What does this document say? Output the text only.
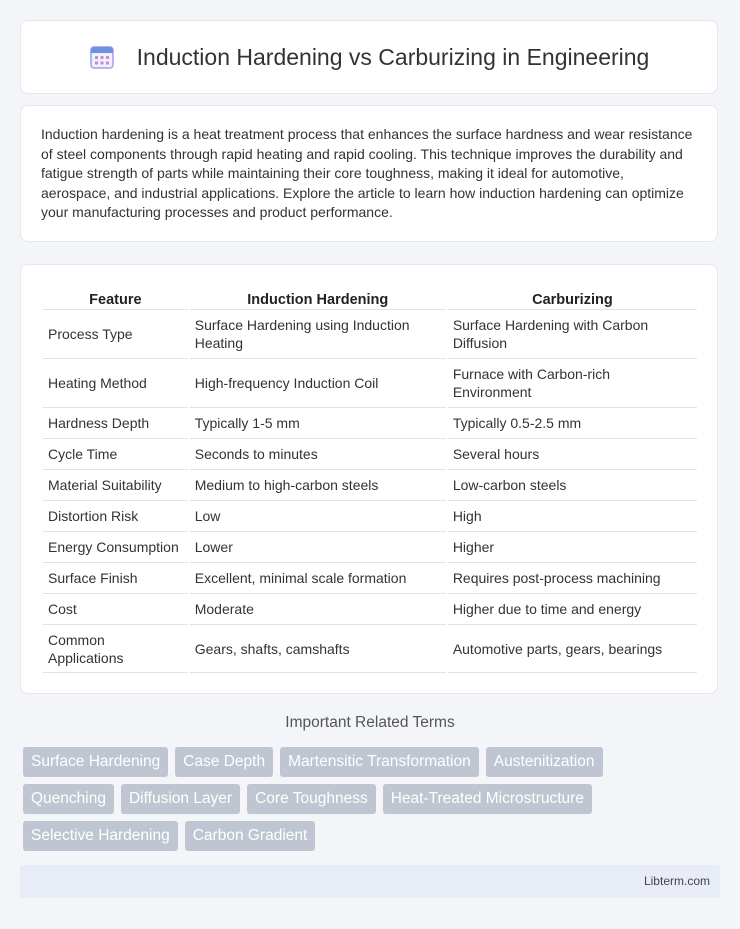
Induction Hardening vs Carburizing in Engineering

Induction hardening is a heat treatment process that enhances the surface hardness and wear resistance of steel components through rapid heating and rapid cooling. This technique improves the durability and fatigue strength of parts while maintaining their core toughness, making it ideal for automotive, aerospace, and industrial applications. Explore the article to learn how induction hardening can optimize your manufacturing processes and product performance.

Feature	Induction Hardening	Carburizing
Process Type	Surface Hardening using Induction Heating	Surface Hardening with Carbon Diffusion
Heating Method	High-frequency Induction Coil	Furnace with Carbon-rich Environment
Hardness Depth	Typically 1-5 mm	Typically 0.5-2.5 mm
Cycle Time	Seconds to minutes	Several hours
Material Suitability	Medium to high-carbon steels	Low-carbon steels
Distortion Risk	Low	High
Energy Consumption	Lower	Higher
Surface Finish	Excellent, minimal scale formation	Requires post-process machining
Cost	Moderate	Higher due to time and energy
Common Applications	Gears, shafts, camshafts	Automotive parts, gears, bearings
Important Related Terms
Surface Hardening	Case Depth	Martensitic Transformation	Austenitization
Quenching	Diffusion Layer	Core Toughness	Heat-Treated Microstructure
Selective Hardening	Carbon Gradient
Libterm.com
